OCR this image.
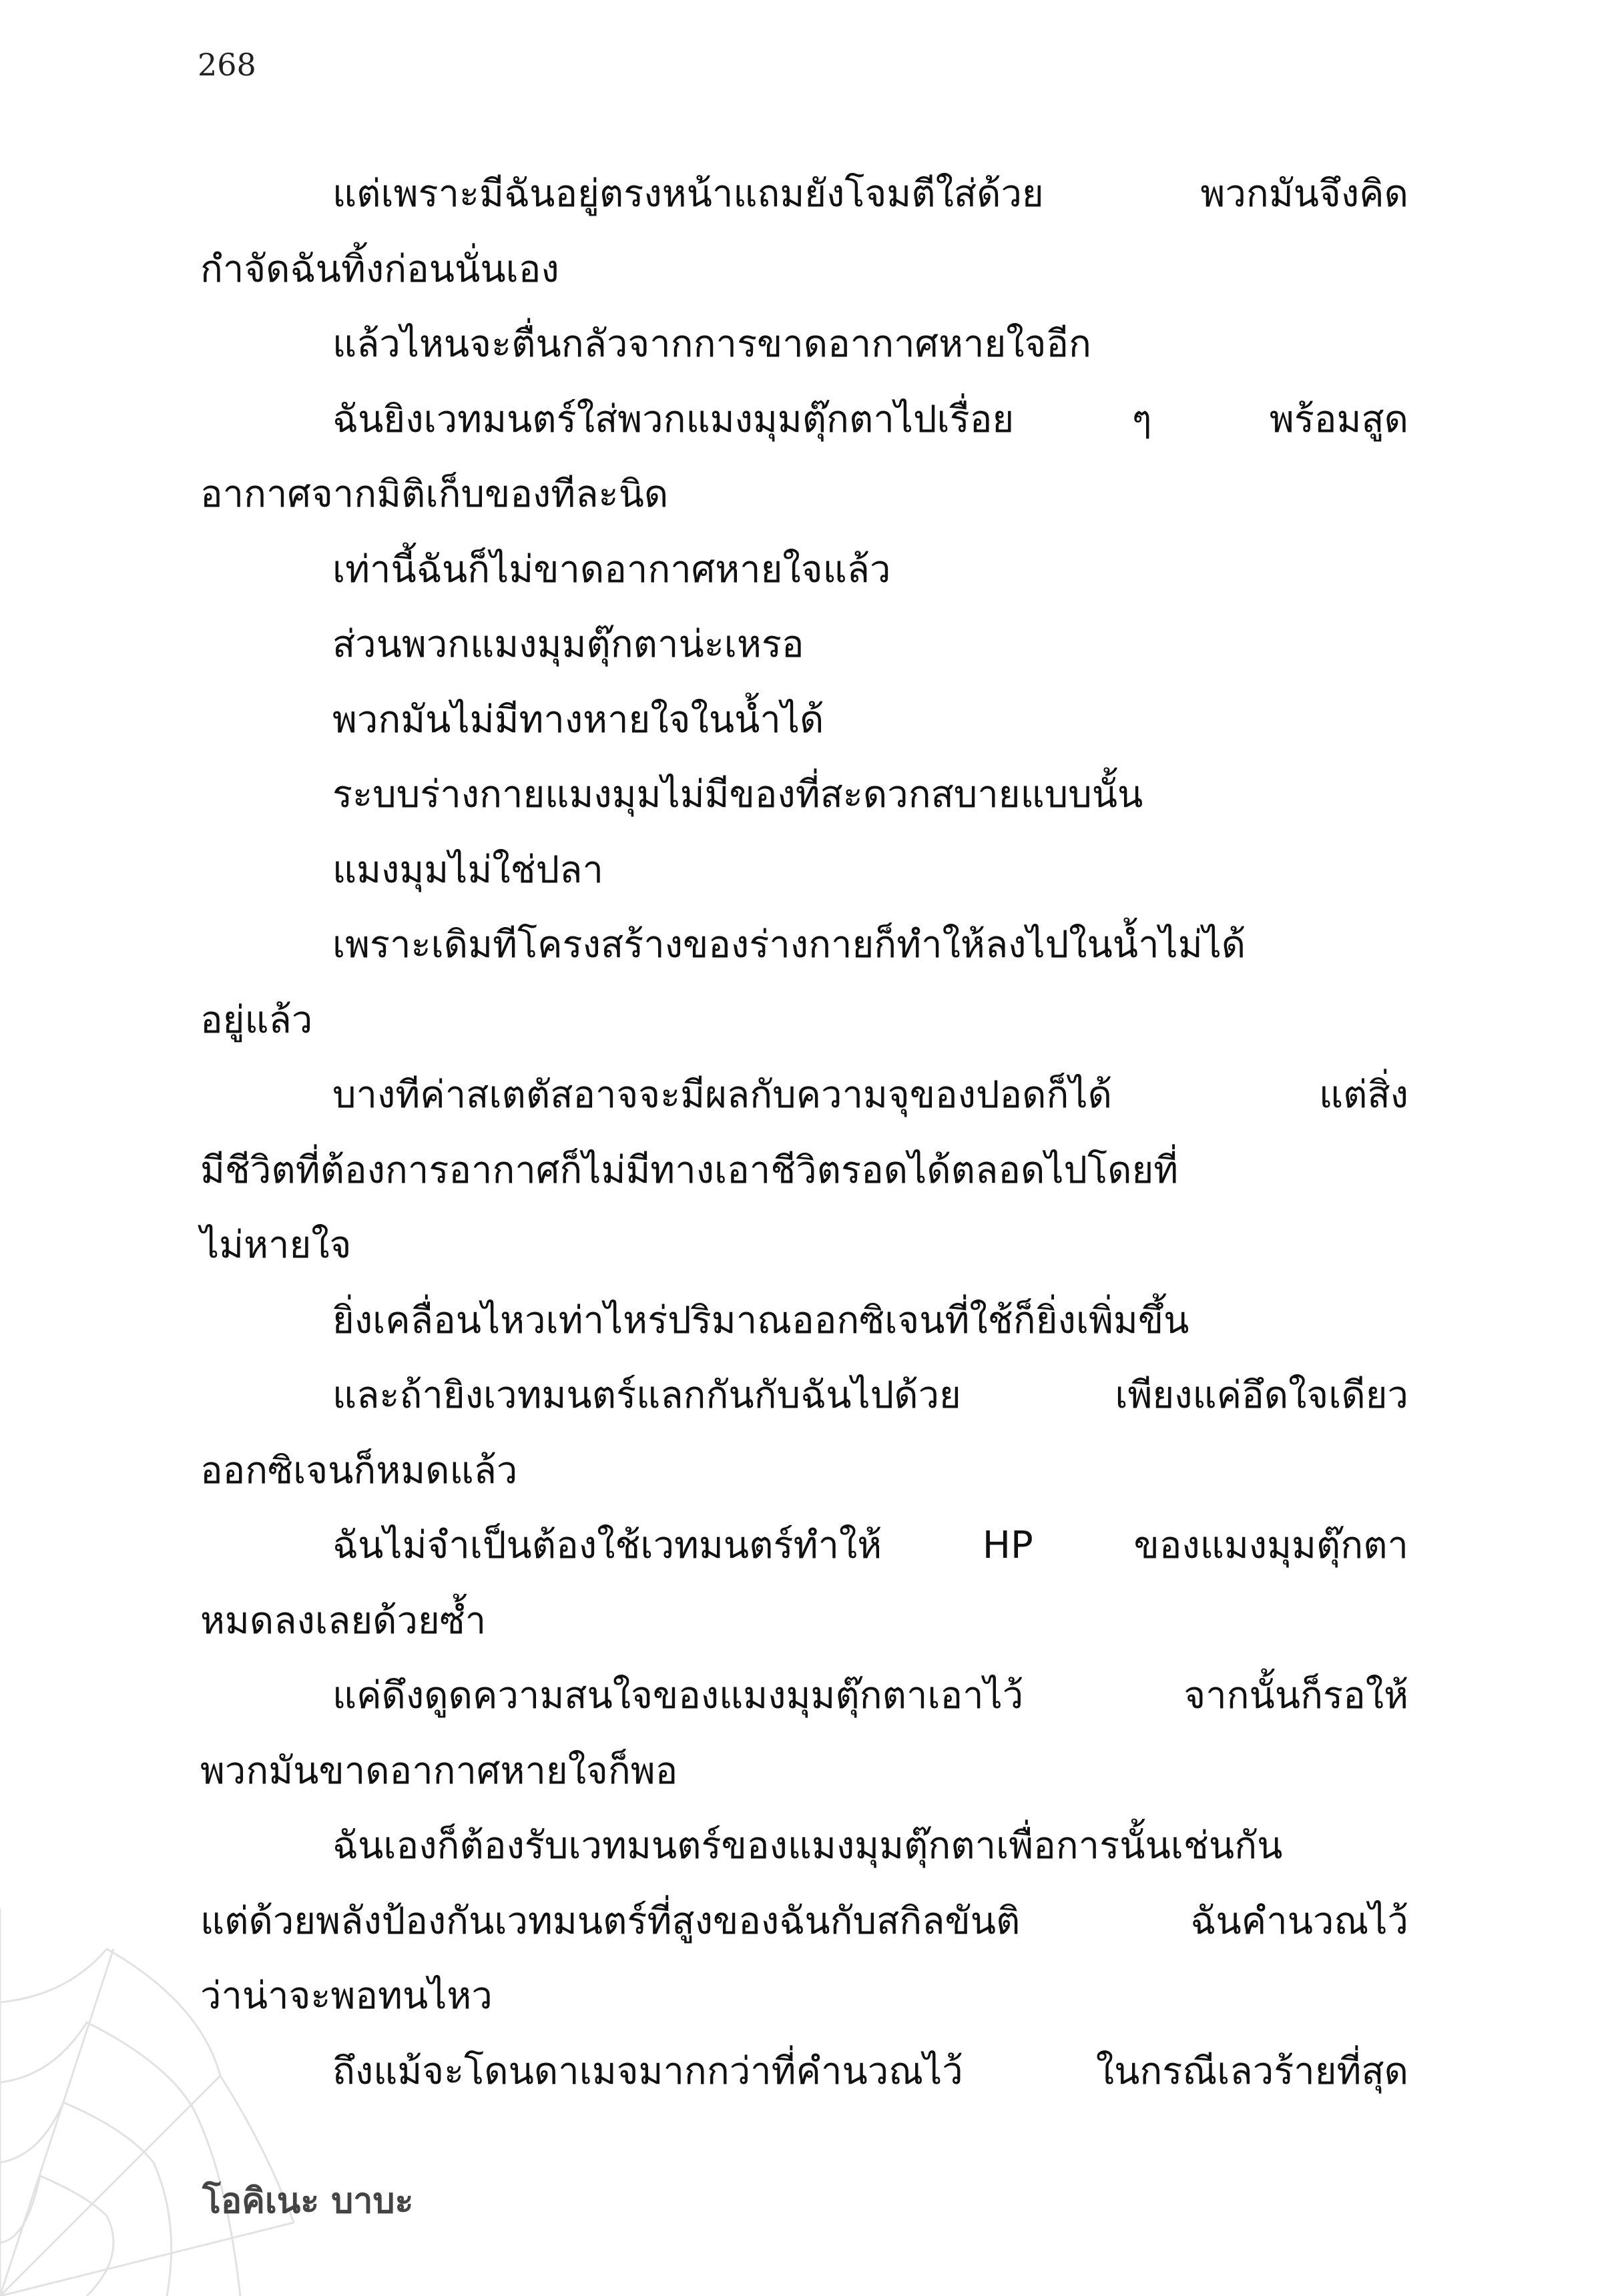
268
แต่เพราะมีฉันอยู่ตรงหน้าแถมยังโจมตีใส่ด้วย พวกมันจึงคิด
กำจัดฉันทิ้งก่อนนั่นเอง
แล้วไหนจะตื่นกลัวจากการขาดอากาศหายใจอีก
ฉันยิงเวทมนตร์ใส่พวกแมงมุมตุ๊กตาไปเรื่อย ๆ พร้อมสูด
อากาศจากมิติเก็บของทีละนิด
เท่านี้ฉันก็ไม่ขาดอากาศหายใจแล้ว
ส่วนพวกแมงมุมตุ๊กตาน่ะเหรอ
พวกมันไม่มีทางหายใจในน้ำได้
ระบบร่างกายแมงมุมไม่มีของที่สะดวกสบายแบบนั้น
แมงมุมไม่ใช่ปลา
เพราะเดิมทีโครงสร้างของร่างกายก็ทำให้ลงไปในน้ำไม่ได้
อยู่แล้ว
บางทีค่าสเตตัสอาจจะมีผลกับความจุของปอดก็ได้ แต่สิ่ง
มีชีวิตที่ต้องการอากาศก็ไม่มีทางเอาชีวิตรอดได้ตลอดไปโดยที่
ไม่หายใจ
ยิ่งเคลื่อนไหวเท่าไหร่ปริมาณออกซิเจนที่ใช้ก็ยิ่งเพิ่มขึ้น
และถ้ายิงเวทมนตร์แลกกันกับฉันไปด้วย เพียงแค่อึดใจเดียว
ออกซิเจนก็หมดแล้ว
ฉันไม่จำเป็นต้องใช้เวทมนตร์ทำให้ HP ของแมงมุมตุ๊กตา
หมดลงเลยด้วยซ้ำ
แค่ดึงดูดความสนใจของแมงมุมตุ๊กตาเอาไว้ จากนั้นก็รอให้
พวกมันขาดอากาศหายใจก็พอ
ฉันเองก็ต้องรับเวทมนตร์ของแมงมุมตุ๊กตาเพื่อการนั้นเช่นกัน
แต่ด้วยพลังป้องกันเวทมนตร์ที่สูงของฉันกับสกิลขันติ ฉันคำนวณไว้
ว่าน่าจะพอทนไหว
ถึงแม้จะโดนดาเมจมากกว่าที่คำนวณไว้ ในกรณีเลวร้ายที่สุด
โอคิเนะ บาบะ
